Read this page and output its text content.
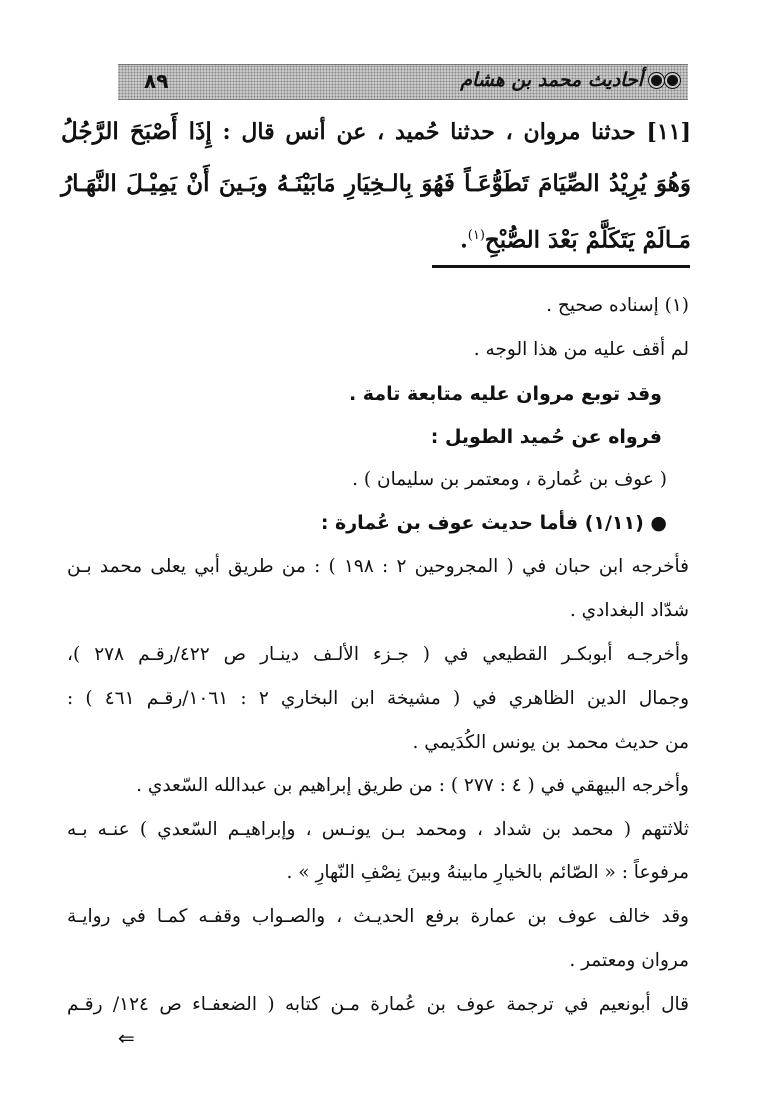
أحاديث محمد بن هشام
٨٩
[١١] حدثنا مروان ، حدثنا حُميد ، عن أنس قال : إِذَا أَصْبَحَ الرَّجُلُ وَهُوَ يُرِيْدُ الصِّيَامَ تَطَوُّعَـاً فَهُوَ بِالـخِيَارِ مَابَيْنَـهُ وبَـينَ أَنْ يَمِيْـلَ النَّهَـارُ مَـالَمْ يَتَكَلَّمْ بَعْدَ الصُّبْحِ$^{(١)}$.
(١) إسناده صحيح .
لم أقف عليه من هذا الوجه .
وقد توبع مروان عليه متابعة تامة .
فرواه عن حُميد الطويل :
( عوف بن عُمارة ، ومعتمر بن سليمان ) .
● (١/١١) فأما حديث عوف بن عُمارة :
فأخرجه ابن حبان في ( المجروحين ٢ : ١٩٨ ) : من طريق أبي يعلى محمد بـن
شدّاد البغدادي .
وأخرجـه أبوبكـر القطيعي في ( جـزء الألـف دينـار ص ٤٢٢/رقـم ٢٧٨ )،
وجمال الدين الظاهري في ( مشيخة ابن البخاري ٢ : ١٠٦١/رقـم ٤٦١ ) :
من حديث محمد بن يونس الكُدَيمي .
وأخرجه البيهقي في ( ٤ : ٢٧٧ ) : من طريق إبراهيم بن عبدالله السّعدي .
ثلاثتهم ( محمد بن شداد ، ومحمد بـن يونـس ، وإبراهيـم السّعدي ) عنـه بـه
مرفوعاً : « الصّائم بالخيارِ مابينهُ وبينَ نِصْفِ النّهارِ » .
وقد خالف عوف بن عمارة برفع الحديـث ، والصـواب وقفـه كمـا في روايـة
مروان ومعتمر .
قال أبونعيم في ترجمة عوف بن عُمارة مـن كتابه ( الضعفـاء ص ١٢٤/ رقـم
⇐
